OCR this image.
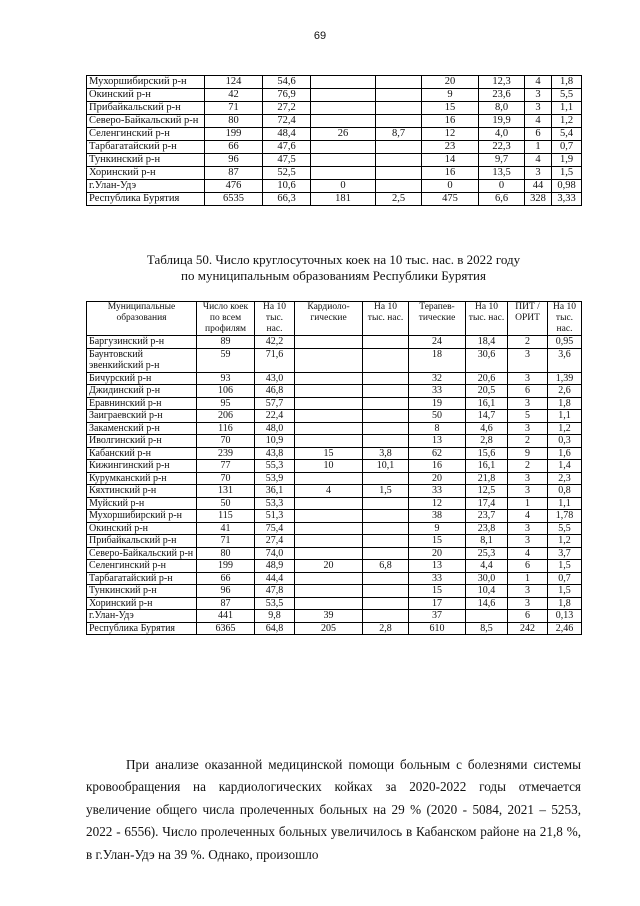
69
Мухоршибирский р-н	124	54,6			20	12,3	4	1,8
Окинский р-н	42	76,9			9	23,6	3	5,5
Прибайкальский р-н	71	27,2			15	8,0	3	1,1
Северо-Байкальский р-н	80	72,4			16	19,9	4	1,2
Селенгинский р-н	199	48,4	26	8,7	12	4,0	6	5,4
Тарбагатайский р-н	66	47,6			23	22,3	1	0,7
Тункинский р-н	96	47,5			14	9,7	4	1,9
Хоринский р-н	87	52,5			16	13,5	3	1,5
г.Улан-Удэ	476	10,6	0		0	0	44	0,98
Республика Бурятия	6535	66,3	181	2,5	475	6,6	328	3,33
Таблица 50. Число круглосуточных коек на 10 тыс. нас. в 2022 году
по муниципальным образованиям Республики Бурятия
Муниципальные образования	Число коек по всем профилям	На 10 тыс. нас.	Кардиоло-гические	На 10 тыс. нас.	Терапев-тические	На 10 тыс. нас.	ПИТ / ОРИТ	На 10 тыс. нас.
Баргузинский р-н	89	42,2			24	18,4	2	0,95
Баунтовский эвенкийский р-н	59	71,6			18	30,6	3	3,6
Бичурский р-н	93	43,0			32	20,6	3	1,39
Джидинский р-н	106	46,8			33	20,5	6	2,6
Еравнинский р-н	95	57,7			19	16,1	3	1,8
Заиграевский р-н	206	22,4			50	14,7	5	1,1
Закаменский р-н	116	48,0			8	4,6	3	1,2
Иволгинский р-н	70	10,9			13	2,8	2	0,3
Кабанский р-н	239	43,8	15	3,8	62	15,6	9	1,6
Кижингинский р-н	77	55,3	10	10,1	16	16,1	2	1,4
Курумканский р-н	70	53,9			20	21,8	3	2,3
Кяхтинский р-н	131	36,1	4	1,5	33	12,5	3	0,8
Муйский р-н	50	53,3			12	17,4	1	1,1
Мухоршибирский р-н	115	51,3			38	23,7	4	1,78
Окинский р-н	41	75,4			9	23,8	3	5,5
Прибайкальский р-н	71	27,4			15	8,1	3	1,2
Северо-Байкальский р-н	80	74,0			20	25,3	4	3,7
Селенгинский р-н	199	48,9	20	6,8	13	4,4	6	1,5
Тарбагатайский р-н	66	44,4			33	30,0	1	0,7
Тункинский р-н	96	47,8			15	10,4	3	1,5
Хоринский р-н	87	53,5			17	14,6	3	1,8
г.Улан-Удэ	441	9,8	39		37		6	0,13
Республика Бурятия	6365	64,8	205	2,8	610	8,5	242	2,46

При анализе оказанной медицинской помощи больным с болезнями системы кровообращения на кардиологических койках за 2020-2022 годы отмечается увеличение общего числа пролеченных больных на 29 % (2020 - 5084, 2021 – 5253, 2022 - 6556). Число пролеченных больных увеличилось в Кабанском районе на 21,8 %, в г.Улан-Удэ на 39 %. Однако, произошло
